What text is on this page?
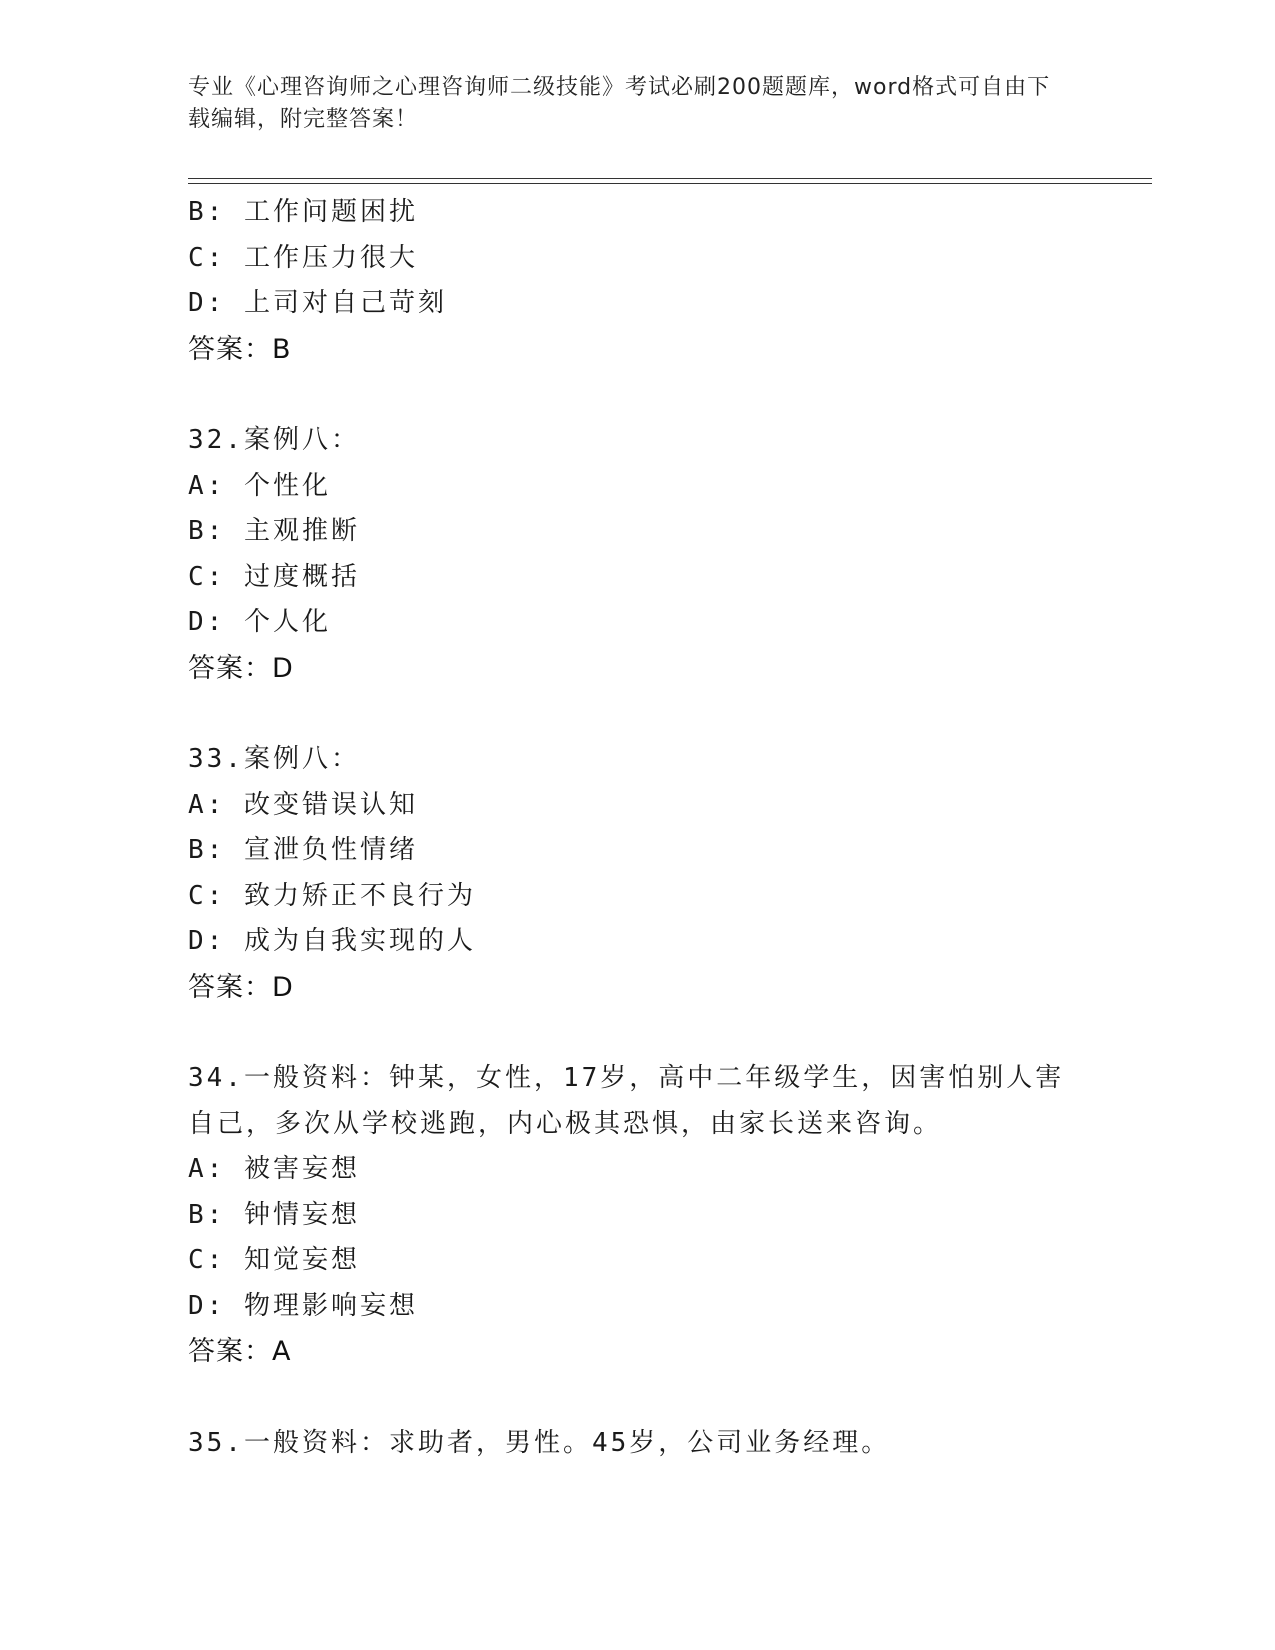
专业《心理咨询师之心理咨询师二级技能》考试必刷200题题库，word格式可自由下载编辑，附完整答案！
B: 工作问题困扰
C: 工作压力很大
D: 上司对自己苛刻
答案：B
32.案例八：
A: 个性化
B: 主观推断
C: 过度概括
D: 个人化
答案：D
33.案例八：
A: 改变错误认知
B: 宣泄负性情绪
C: 致力矫正不良行为
D: 成为自我实现的人
答案：D
34.一般资料：钟某，女性，17岁，高中二年级学生，因害怕别人害自己，多次从学校逃跑，内心极其恐惧，由家长送来咨询。
A: 被害妄想
B: 钟情妄想
C: 知觉妄想
D: 物理影响妄想
答案：A
35.一般资料：求助者，男性。45岁，公司业务经理。
